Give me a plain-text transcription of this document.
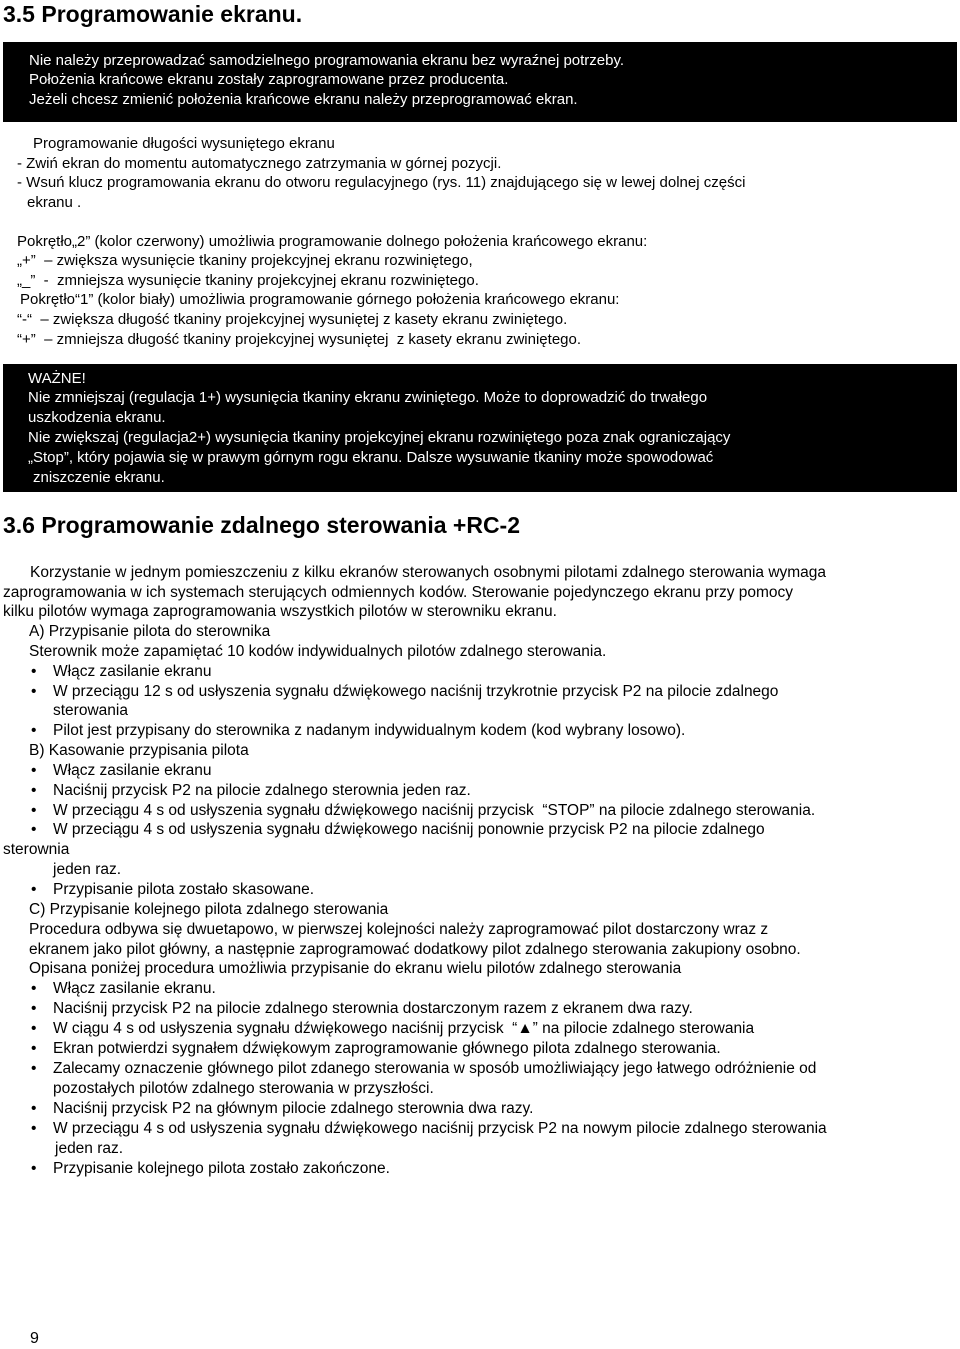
3.5 Programowanie ekranu.
Nie należy przeprowadzać samodzielnego programowania ekranu bez wyraźnej potrzeby.
Położenia krańcowe ekranu zostały zaprogramowane przez producenta.
Jeżeli chcesz zmienić położenia krańcowe ekranu należy przeprogramować ekran.
Programowanie długości wysuniętego ekranu
- Zwiń ekran do momentu automatycznego zatrzymania w górnej pozycji.
- Wsuń klucz programowania ekranu do otworu regulacyjnego (rys. 11) znajdującego się w lewej dolnej części
ekranu .
Pokrętło„2” (kolor czerwony) umożliwia programowanie dolnego położenia krańcowego ekranu:
„+”  – zwiększa wysunięcie tkaniny projekcyjnej ekranu rozwiniętego,
„_”  -  zmniejsza wysunięcie tkaniny projekcyjnej ekranu rozwiniętego.
Pokrętło“1” (kolor biały) umożliwia programowanie górnego położenia krańcowego ekranu:
“-“  – zwiększa długość tkaniny projekcyjnej wysuniętej z kasety ekranu zwiniętego.
“+”  – zmniejsza długość tkaniny projekcyjnej wysuniętej  z kasety ekranu zwiniętego.
WAŻNE!
Nie zmniejszaj (regulacja 1+) wysunięcia tkaniny ekranu zwiniętego. Może to doprowadzić do trwałego
uszkodzenia ekranu.
Nie zwiększaj (regulacja2+) wysunięcia tkaniny projekcyjnej ekranu rozwiniętego poza znak ograniczający
„Stop”, który pojawia się w prawym górnym rogu ekranu. Dalsze wysuwanie tkaniny może spowodować
zniszczenie ekranu.
3.6 Programowanie zdalnego sterowania +RC-2
Korzystanie w jednym pomieszczeniu z kilku ekranów sterowanych osobnymi pilotami zdalnego sterowania wymaga
zaprogramowania w ich systemach sterujących odmiennych kodów. Sterowanie pojedynczego ekranu przy pomocy
kilku pilotów wymaga zaprogramowania wszystkich pilotów w sterowniku ekranu.
A) Przypisanie pilota do sterownika
Sterownik może zapamiętać 10 kodów indywidualnych pilotów zdalnego sterowania.
• Włącz zasilanie ekranu
• W przeciągu 12 s od usłyszenia sygnału dźwiękowego naciśnij trzykrotnie przycisk P2 na pilocie zdalnego
sterowania
• Pilot jest przypisany do sterownika z nadanym indywidualnym kodem (kod wybrany losowo).
B) Kasowanie przypisania pilota
• Włącz zasilanie ekranu
• Naciśnij przycisk P2 na pilocie zdalnego sterownia jeden raz.
• W przeciągu 4 s od usłyszenia sygnału dźwiękowego naciśnij przycisk  “STOP” na pilocie zdalnego sterowania.
• W przeciągu 4 s od usłyszenia sygnału dźwiękowego naciśnij ponownie przycisk P2 na pilocie zdalnego
sterownia
jeden raz.
• Przypisanie pilota zostało skasowane.
C) Przypisanie kolejnego pilota zdalnego sterowania
Procedura odbywa się dwuetapowo, w pierwszej kolejności należy zaprogramować pilot dostarczony wraz z
ekranem jako pilot główny, a następnie zaprogramować dodatkowy pilot zdalnego sterowania zakupiony osobno.
Opisana poniżej procedura umożliwia przypisanie do ekranu wielu pilotów zdalnego sterowania
• Włącz zasilanie ekranu.
• Naciśnij przycisk P2 na pilocie zdalnego sterownia dostarczonym razem z ekranem dwa razy.
• W ciągu 4 s od usłyszenia sygnału dźwiękowego naciśnij przycisk  “▲” na pilocie zdalnego sterowania
• Ekran potwierdzi sygnałem dźwiękowym zaprogramowanie głównego pilota zdalnego sterowania.
• Zalecamy oznaczenie głównego pilot zdanego sterowania w sposób umożliwiający jego łatwego odróżnienie od
pozostałych pilotów zdalnego sterowania w przyszłości.
• Naciśnij przycisk P2 na głównym pilocie zdalnego sterownia dwa razy.
• W przeciągu 4 s od usłyszenia sygnału dźwiękowego naciśnij przycisk P2 na nowym pilocie zdalnego sterowania
jeden raz.
• Przypisanie kolejnego pilota zostało zakończone.
9
